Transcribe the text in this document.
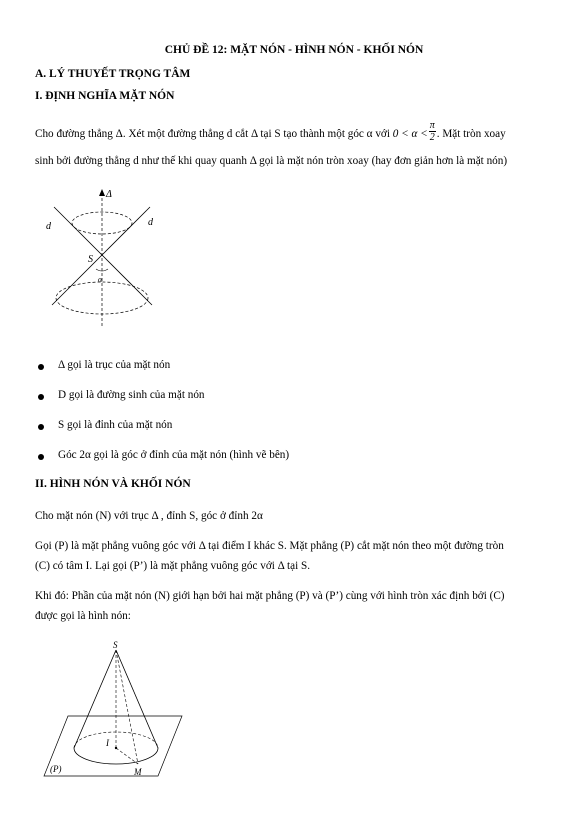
CHỦ ĐỀ 12: MẶT NÓN - HÌNH NÓN - KHỐI NÓN
A. LÝ THUYẾT TRỌNG TÂM
I. ĐỊNH NGHĨA MẶT NÓN
Cho đường thẳng Δ. Xét một đường thẳng d cắt Δ tại S tạo thành một góc α với $0 < \alpha < \frac{\pi}{2}$ . Mặt tròn xoay
sinh bởi đường thẳng d như thế khi quay quanh Δ gọi là mặt nón tròn xoay (hay đơn giản hơn là mặt nón)
Δ
d	d
S
α
Δ gọi là trục của mặt nón
D gọi là đường sinh của mặt nón
S gọi là đỉnh của mặt nón
Góc 2α gọi là góc ở đỉnh của mặt nón (hình vẽ bên)
II. HÌNH NÓN VÀ KHỐI NÓN
Cho mặt nón (N) với trục Δ , đỉnh S, góc ở đỉnh 2α
Gọi (P) là mặt phẳng vuông góc với Δ tại điểm I khác S. Mặt phẳng (P) cắt mặt nón theo một đường tròn
(C) có tâm I. Lại gọi (P’) là mặt phẳng vuông góc với Δ tại S.
Khi đó: Phần của mặt nón (N) giới hạn bởi hai mặt phẳng (P) và (P’) cùng với hình tròn xác định bởi (C)
được gọi là hình nón:
S
I
(P)	M
